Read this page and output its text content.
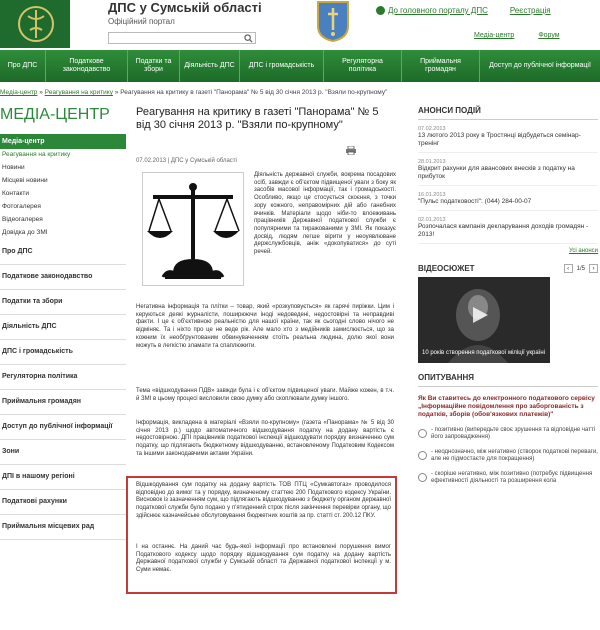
ДПС у Сумській області
Офіційний портал
До головного порталу ДПС	Реєстрація
Медіа-центр	Форум
Про ДПС
Податкове законодавство
Податки та збори
Діяльність ДПС	ДПС і громадськість
Регуляторна політика
Приймальня громадян
Доступ до публічної інформації
Медіа-центр » Реагування на критику » Реагування на критику в газеті "Панорама" № 5 від 30 січня 2013 р. "Взяли по-крупному"
МЕДІА-ЦЕНТР
Медіа-центр
Реагування на критику
Новини
Місцеві новини
Контакти
Фотогалерея
Відеогалерея
Довідка до ЗМІ
Про ДПС
Податкове законодавство
Податки та збори
Діяльність ДПС
ДПС і громадськість
Регуляторна політика
Приймальня громадян
Доступ до публічної інформації
Зони
ДПІ в нашому регіоні
Податкові рахунки
Приймальня місцевих рад
Реагування на критику в газеті "Панорама" № 5 від 30 січня 2013 р. "Взяли по-крупному"
07.02.2013 | ДПС у Сумській області
Діяльність державної служби, вокрема посадових осіб, завжди є об'єктом підвищеної уваги з боку як засобів масової інформації, так і громадськості. Особливо, якщо це стосується скоєння, з точки зору кожного, неправомірних дій або ганебних вчинків. Матеріали щодо ніби-то влоеживань працівників Державної податкової служби є популярними та тиражованими у ЗМІ. Як показує досвід, людям легше вірити у неоуявлюване держслужбовців, аніж «докопуватися» до суті речей.
Негативна інформація та плітки – товар, який «розкуповується» як гарячі пиріжки. Цим і керуються деякі журналісти, поширюючи іноді недоведені, недостовірні та неправдиві факти. І це є об'єктивною реальністю для нашої країни, так як сьогодні слово нічого не відміняє. Та і ніхто про це не веде рік. Але мало хто з медійників замислюється, що за кожним їх необґрунтованим обвинуваченням стоїть реальна людина, долю якої вони можуть в легкістю зламати та спаплюжити.
Тема «відшкодування ПДВ» завжди була і є об'єктом підвищеної уваги. Майже кожен, в т.ч. й ЗМІ в цьому процесі висловили свою думку або скоплювали думку іншого.
Інформація, викладена в матеріалі «Взяли по-крупному» (газета «Панорама» № 5 від 30 січня 2013 р.) щодо автоматичного відшкодування податку на додану вартість є недостовірною. ДПІ працівників податкової інспекції відшкодувати порядку визначенню сум податку, що підлягають бюджетному відшкодуванню, встановленому Податковим Кодексом та іншими законодавчими актами України.
Відшкодування сум податку на додану вартість ТОВ ПТЦ «Сумкавтогаз» проводилося відповідно до вимог та у порядку, визначеному статтею 200 Податкового кодексу України. Висновок із зазначенням сум, що підлягають відшкодуванню з бюджету органом державної податкової служби було подано у п'ятиденний строк після закінчення перевірки органу, що здійснює казначейське обслуговування бюджетних коштів за пр. статті ст. 200.12 ПКУ.
І на останнє. На даний час будь-якої інформації про встановлені порушення вимог Податкового кодексу щодо порядку відшкодування сум податку на додану вартість Державної податкової служби у Сумській області та Державної податкової інспекції у м. Суми немає.
АНОНСИ ПОДІЙ
07.02.2013
13 лютого 2013 року в Тростянці відбудеться семінар-тренінг
28.01.2013
Відкрит рахунки для авансових внесків з податку на прибуток
16.01.2013
"Пульс податковості": (044) 284-00-07
02.01.2013
Розпочалася кампанія декларування доходів громадян - 2013!
Усі анонси
ВІДЕОСЮЖЕТ	‹	1/5	›
10 років створення податкової міліції україні
ОПИТУВАННЯ
Як Ви ставитесь до електронного податкового сервісу „Інформаційне повідомлення про заборгованість з податків, зборів (обов'язкових платежів)"
- позитивно (випередьте своє зрушення та відповідне чатті його запровадження)
- неоднозначно, між негативно (створок податкові переваги, але не підмостаєте для покращення)
- скоріше негативно, між позитивно (потребує підвищення ефективності діяльності та розширення кола
